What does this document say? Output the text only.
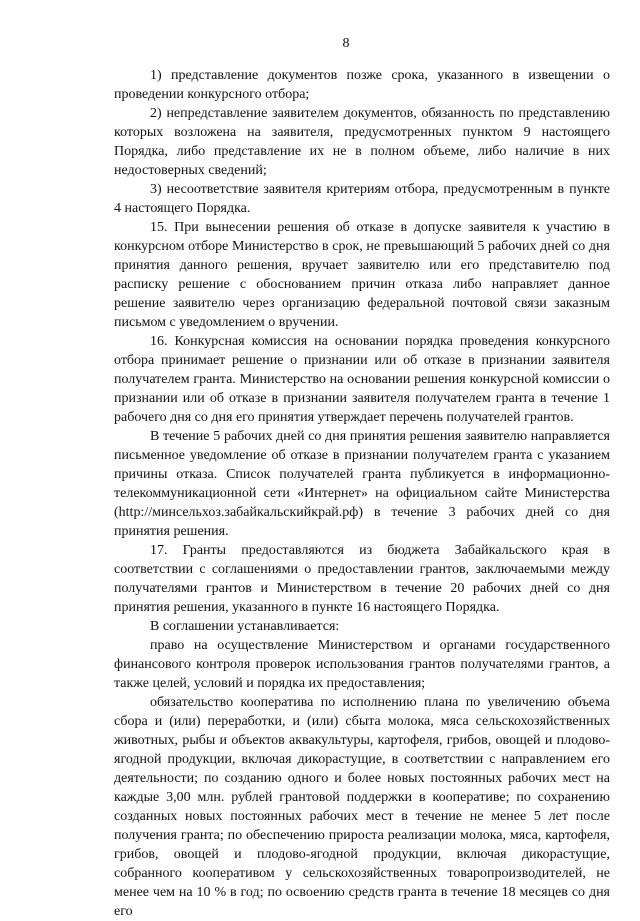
8

1) представление документов позже срока, указанного в извещении о проведении конкурсного отбора;

2) непредставление заявителем документов, обязанность по представлению которых возложена на заявителя, предусмотренных пунктом 9 настоящего Порядка, либо представление их не в полном объеме, либо наличие в них недостоверных сведений;

3) несоответствие заявителя критериям отбора, предусмотренным в пункте 4 настоящего Порядка.

15. При вынесении решения об отказе в допуске заявителя к участию в конкурсном отборе Министерство в срок, не превышающий 5 рабочих дней со дня принятия данного решения, вручает заявителю или его представителю под расписку решение с обоснованием причин отказа либо направляет данное решение заявителю через организацию федеральной почтовой связи заказным письмом с уведомлением о вручении.

16. Конкурсная комиссия на основании порядка проведения конкурсного отбора принимает решение о признании или об отказе в признании заявителя получателем гранта. Министерство на основании решения конкурсной комиссии о признании или об отказе в признании заявителя получателем гранта в течение 1 рабочего дня со дня его принятия утверждает перечень получателей грантов.

В течение 5 рабочих дней со дня принятия решения заявителю направляется письменное уведомление об отказе в признании получателем гранта с указанием причины отказа. Список получателей гранта публикуется в информационно-телекоммуникационной сети «Интернет» на официальном сайте Министерства (http://минсельхоз.забайкальскийкрай.рф) в течение 3 рабочих дней со дня принятия решения.

17. Гранты предоставляются из бюджета Забайкальского края в соответствии с соглашениями о предоставлении грантов, заключаемыми между получателями грантов и Министерством в течение 20 рабочих дней со дня принятия решения, указанного в пункте 16 настоящего Порядка.

В соглашении устанавливается:

право на осуществление Министерством и органами государственного финансового контроля проверок использования грантов получателями грантов, а также целей, условий и порядка их предоставления;

обязательство кооператива по исполнению плана по увеличению объема сбора и (или) переработки, и (или) сбыта молока, мяса сельскохозяйственных животных, рыбы и объектов аквакультуры, картофеля, грибов, овощей и плодово-ягодной продукции, включая дикорастущие, в соответствии с направлением его деятельности; по созданию одного и более новых постоянных рабочих мест на каждые 3,00 млн. рублей грантовой поддержки в кооперативе; по сохранению созданных новых постоянных рабочих мест в течение не менее 5 лет после получения гранта; по обеспечению прироста реализации молока, мяса, картофеля, грибов, овощей и плодово-ягодной продукции, включая дикорастущие, собранного кооперативом у сельскохозяйственных товаропроизводителей, не менее чем на 10 % в год; по освоению средств гранта в течение 18 месяцев со дня его
